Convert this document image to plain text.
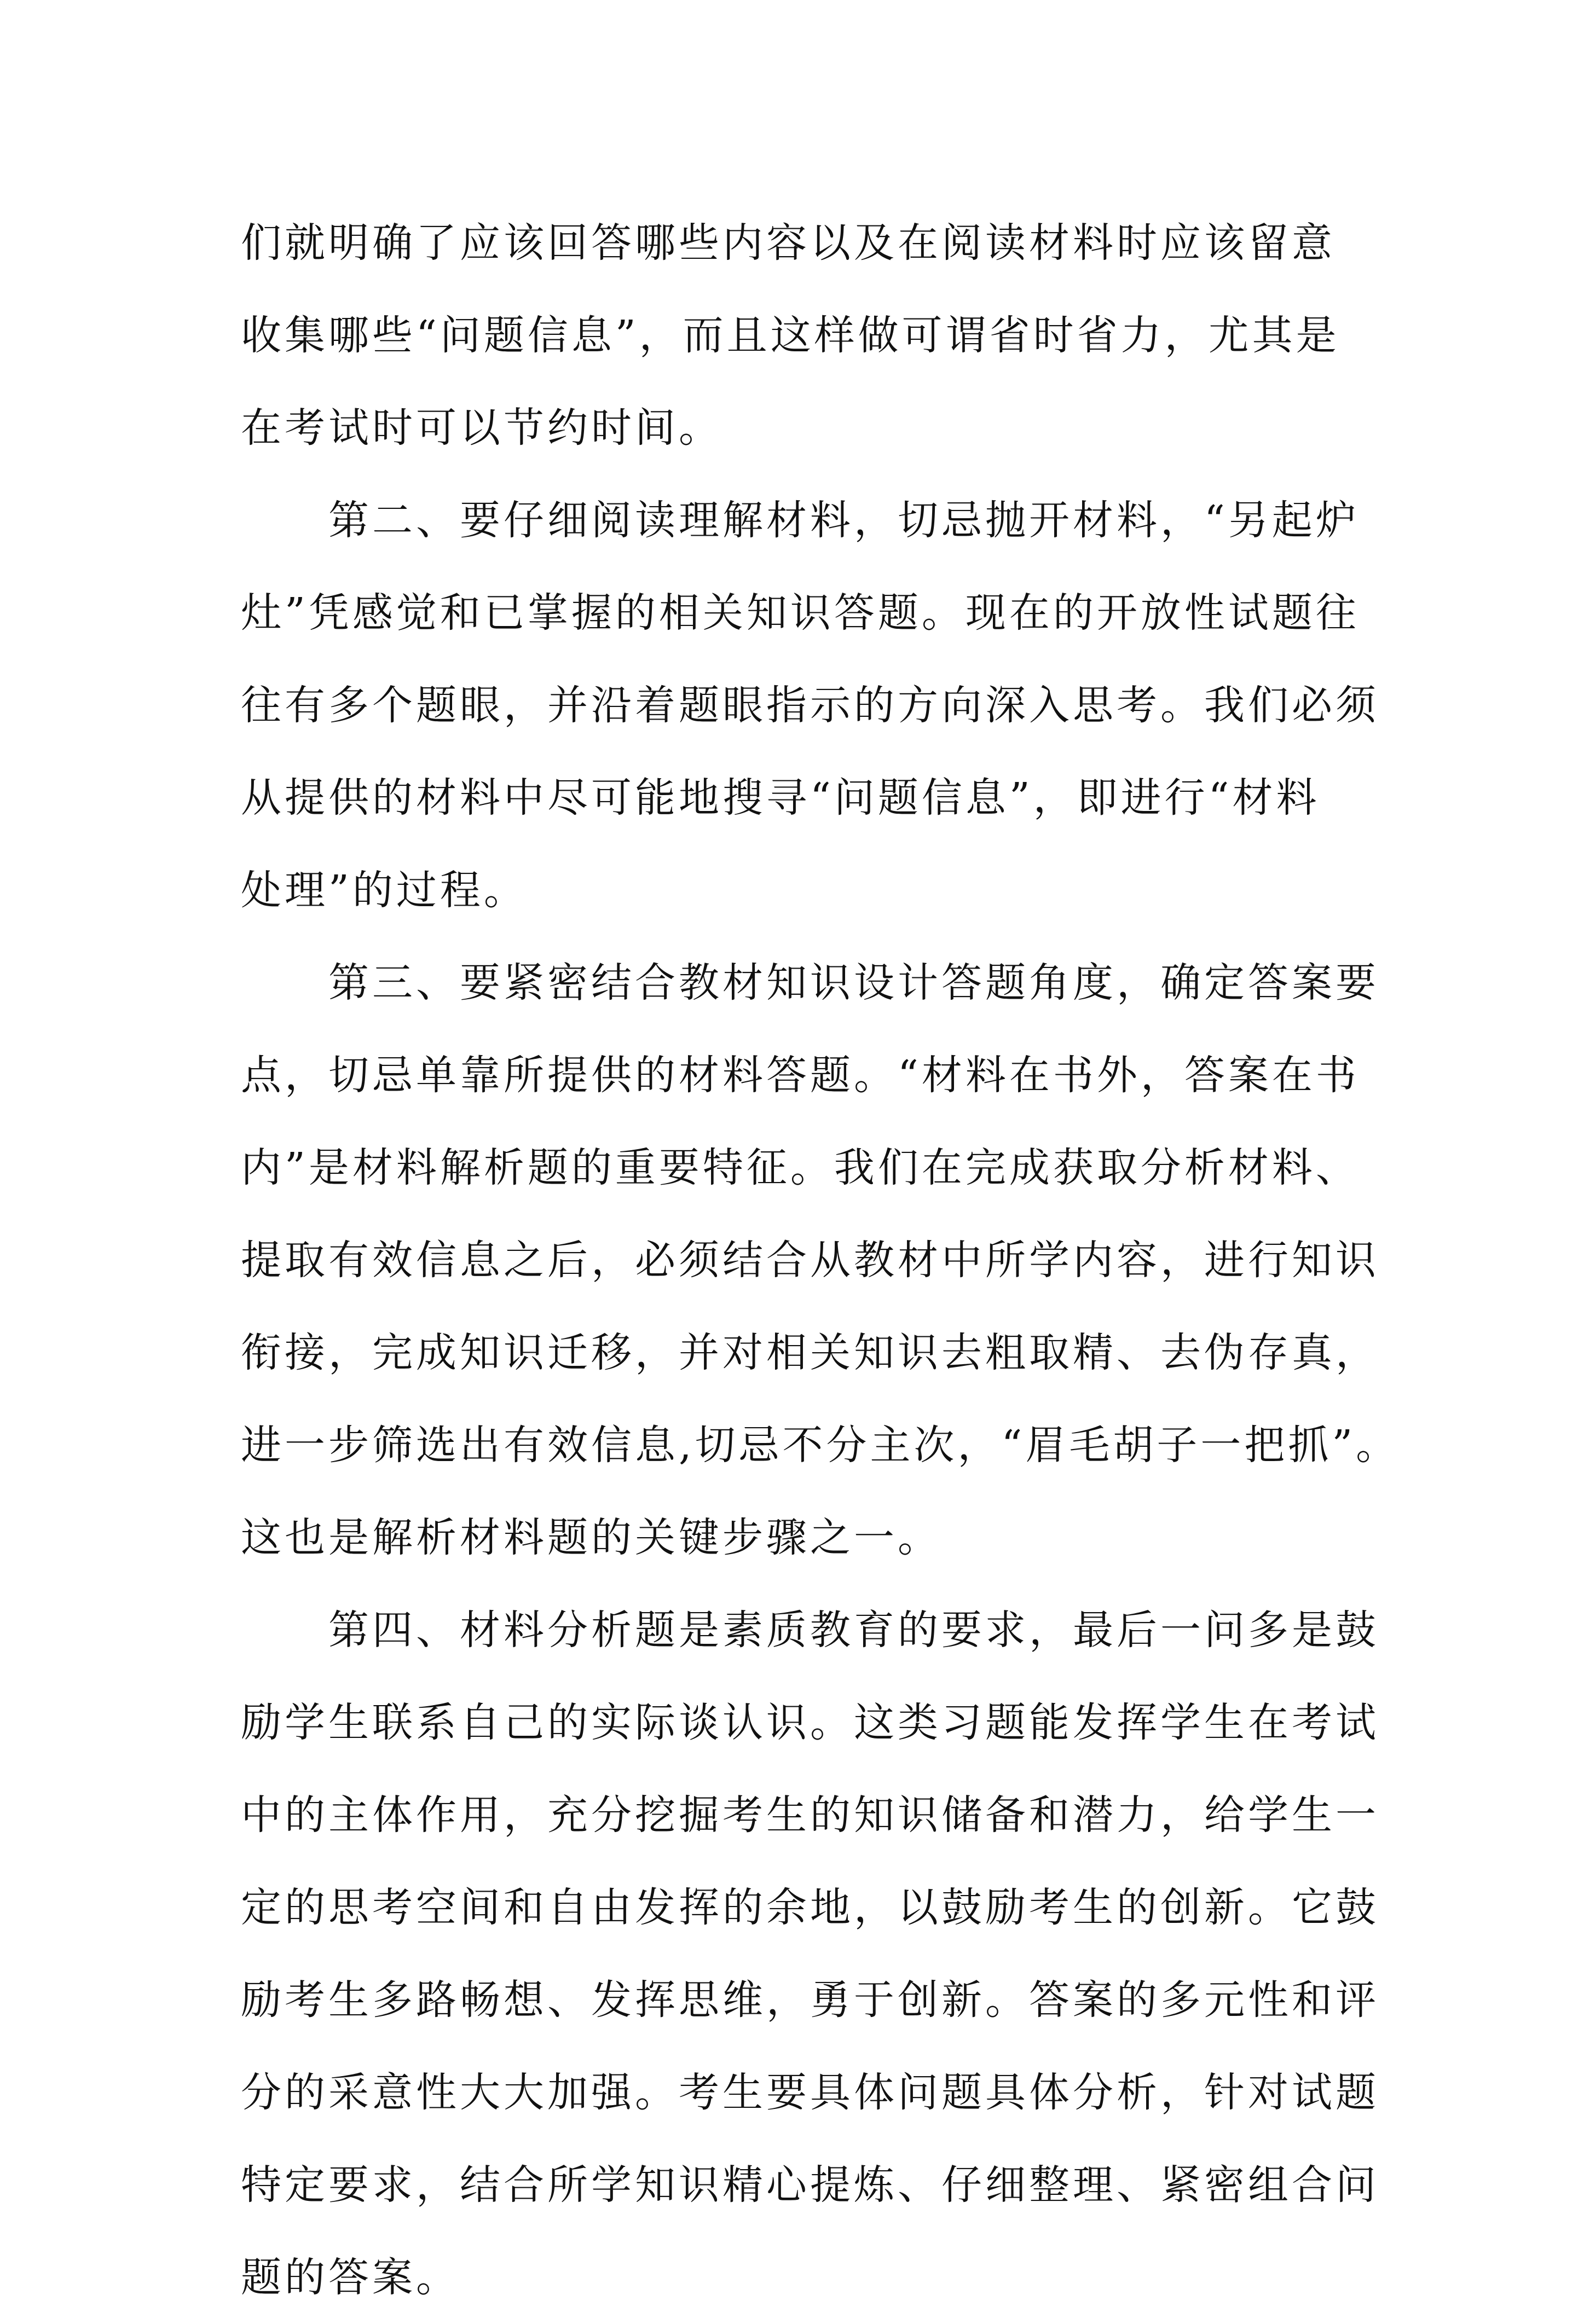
们就明确了应该回答哪些内容以及在阅读材料时应该留意
收集哪些“问题信息”，而且这样做可谓省时省力，尤其是
在考试时可以节约时间。
第二、要仔细阅读理解材料，切忌抛开材料，“另起炉
灶”凭感觉和已掌握的相关知识答题。现在的开放性试题往
往有多个题眼，并沿着题眼指示的方向深入思考。我们必须
从提供的材料中尽可能地搜寻“问题信息”，即进行“材料
处理”的过程。
第三、要紧密结合教材知识设计答题角度，确定答案要
点，切忌单靠所提供的材料答题。“材料在书外，答案在书
内”是材料解析题的重要特征。我们在完成获取分析材料、
提取有效信息之后，必须结合从教材中所学内容，进行知识
衔接，完成知识迁移，并对相关知识去粗取精、去伪存真，
进一步筛选出有效信息,切忌不分主次，“眉毛胡子一把抓”。
这也是解析材料题的关键步骤之一。
第四、材料分析题是素质教育的要求，最后一问多是鼓
励学生联系自己的实际谈认识。这类习题能发挥学生在考试
中的主体作用，充分挖掘考生的知识储备和潜力，给学生一
定的思考空间和自由发挥的余地，以鼓励考生的创新。它鼓
励考生多路畅想、发挥思维，勇于创新。答案的多元性和评
分的采意性大大加强。考生要具体问题具体分析，针对试题
特定要求，结合所学知识精心提炼、仔细整理、紧密组合问
题的答案。
